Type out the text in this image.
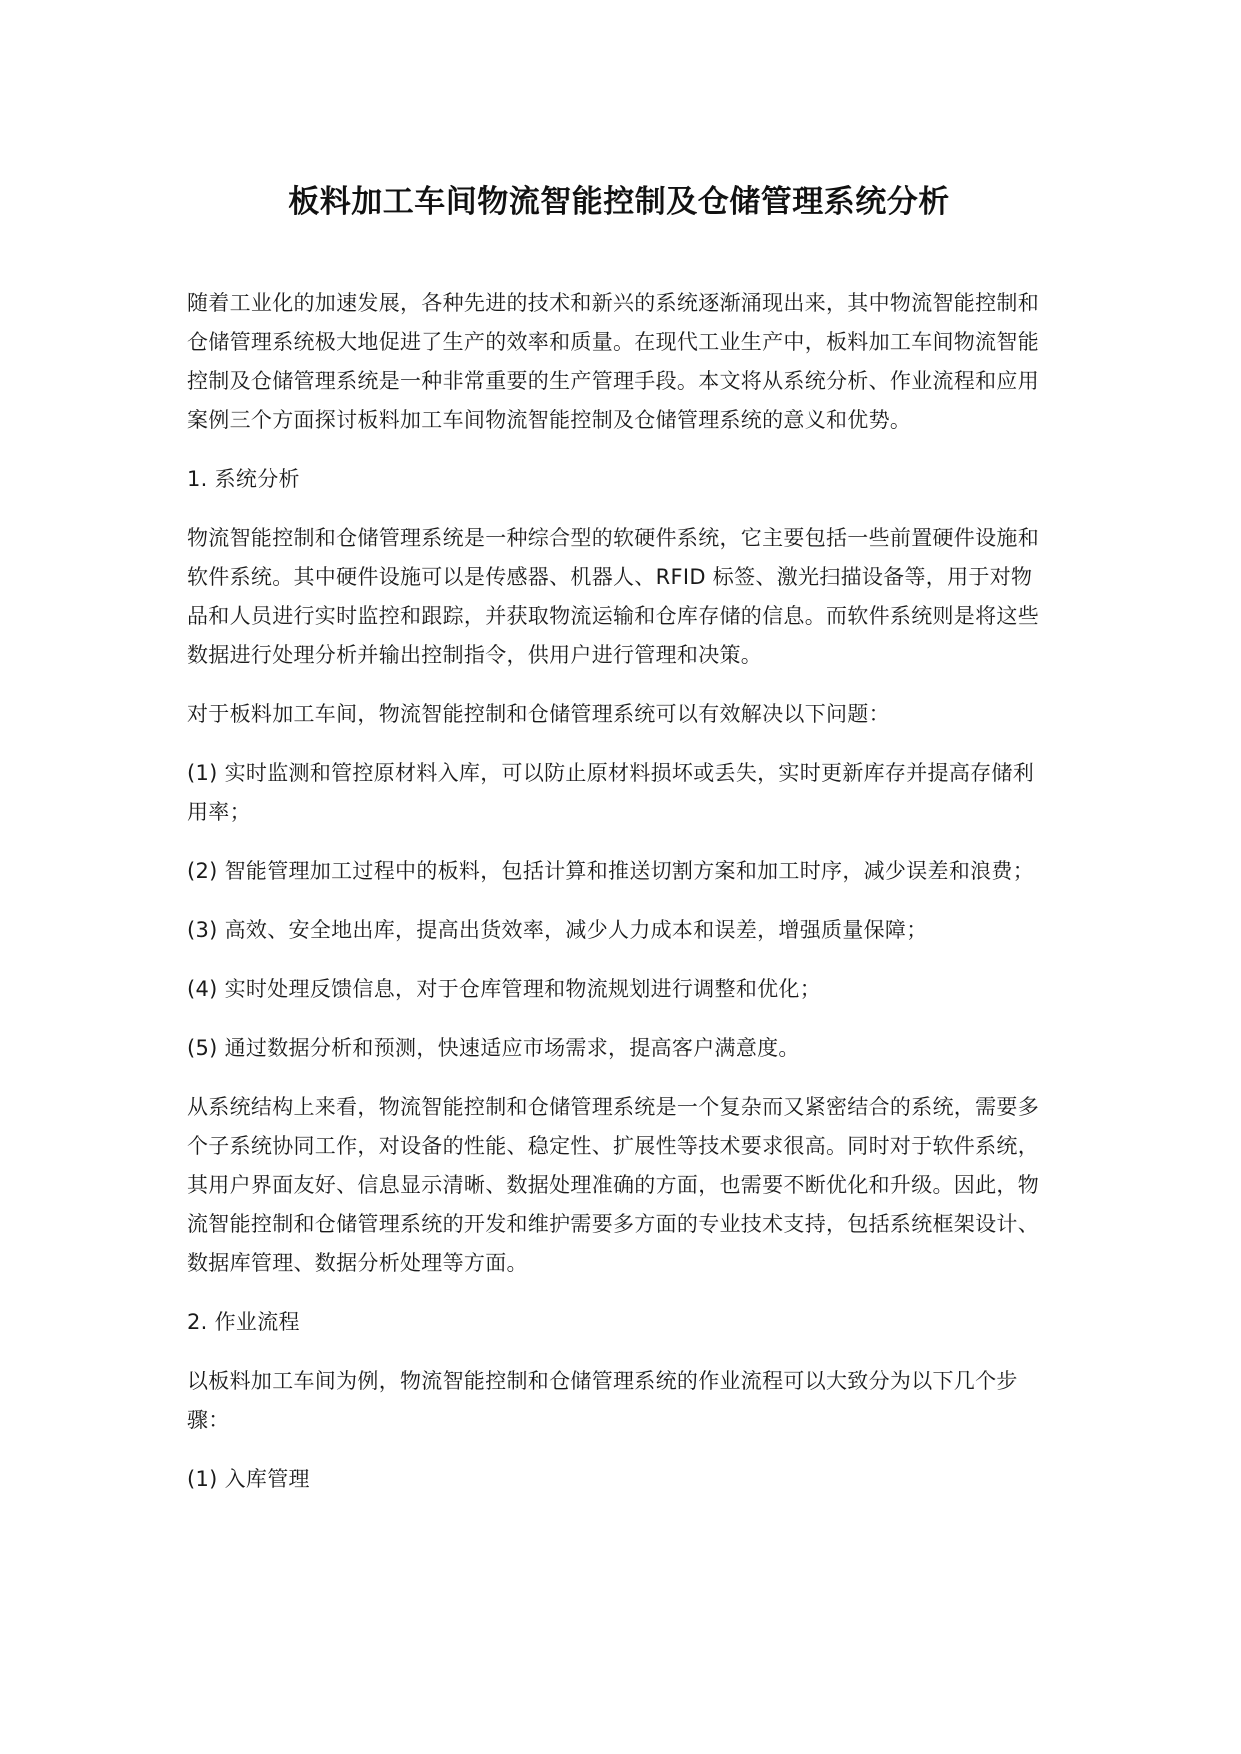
板料加工车间物流智能控制及仓储管理系统分析

随着工业化的加速发展，各种先进的技术和新兴的系统逐渐涌现出来，其中物流智能控制和仓储管理系统极大地促进了生产的效率和质量。在现代工业生产中，板料加工车间物流智能控制及仓储管理系统是一种非常重要的生产管理手段。本文将从系统分析、作业流程和应用案例三个方面探讨板料加工车间物流智能控制及仓储管理系统的意义和优势。

1. 系统分析

物流智能控制和仓储管理系统是一种综合型的软硬件系统，它主要包括一些前置硬件设施和软件系统。其中硬件设施可以是传感器、机器人、RFID 标签、激光扫描设备等，用于对物品和人员进行实时监控和跟踪，并获取物流运输和仓库存储的信息。而软件系统则是将这些数据进行处理分析并输出控制指令，供用户进行管理和决策。

对于板料加工车间，物流智能控制和仓储管理系统可以有效解决以下问题：

(1) 实时监测和管控原材料入库，可以防止原材料损坏或丢失，实时更新库存并提高存储利用率；

(2) 智能管理加工过程中的板料，包括计算和推送切割方案和加工时序，减少误差和浪费；

(3) 高效、安全地出库，提高出货效率，减少人力成本和误差，增强质量保障；

(4) 实时处理反馈信息，对于仓库管理和物流规划进行调整和优化；

(5) 通过数据分析和预测，快速适应市场需求，提高客户满意度。

从系统结构上来看，物流智能控制和仓储管理系统是一个复杂而又紧密结合的系统，需要多个子系统协同工作，对设备的性能、稳定性、扩展性等技术要求很高。同时对于软件系统，其用户界面友好、信息显示清晰、数据处理准确的方面，也需要不断优化和升级。因此，物流智能控制和仓储管理系统的开发和维护需要多方面的专业技术支持，包括系统框架设计、数据库管理、数据分析处理等方面。

2. 作业流程

以板料加工车间为例，物流智能控制和仓储管理系统的作业流程可以大致分为以下几个步骤：

(1) 入库管理
